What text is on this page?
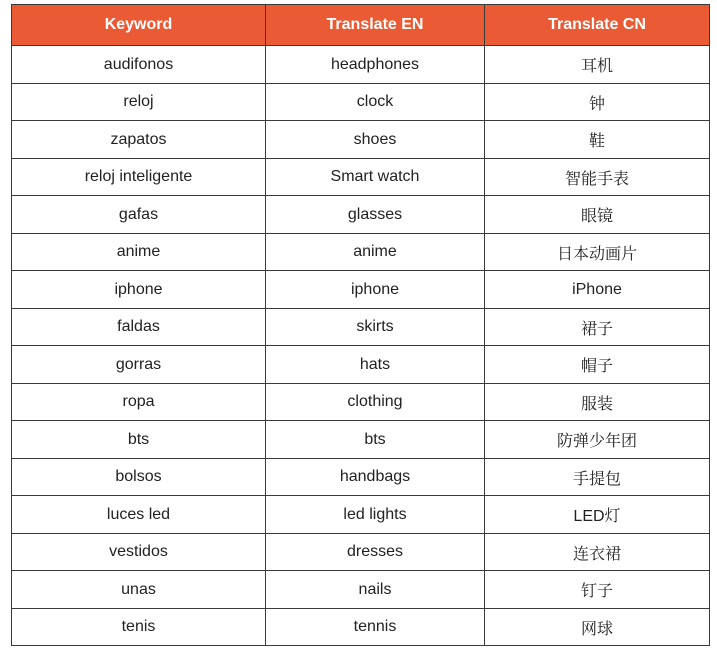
Keyword	Translate EN	Translate CN
audifonos	headphones	耳机
reloj	clock	钟
zapatos	shoes	鞋
reloj inteligente	Smart watch	智能手表
gafas	glasses	眼镜
anime	anime	日本动画片
iphone	iphone	iPhone
faldas	skirts	裙子
gorras	hats	帽子
ropa	clothing	服装
bts	bts	防弹少年团
bolsos	handbags	手提包
luces led	led lights	LED灯
vestidos	dresses	连衣裙
unas	nails	钉子
tenis	tennis	网球
